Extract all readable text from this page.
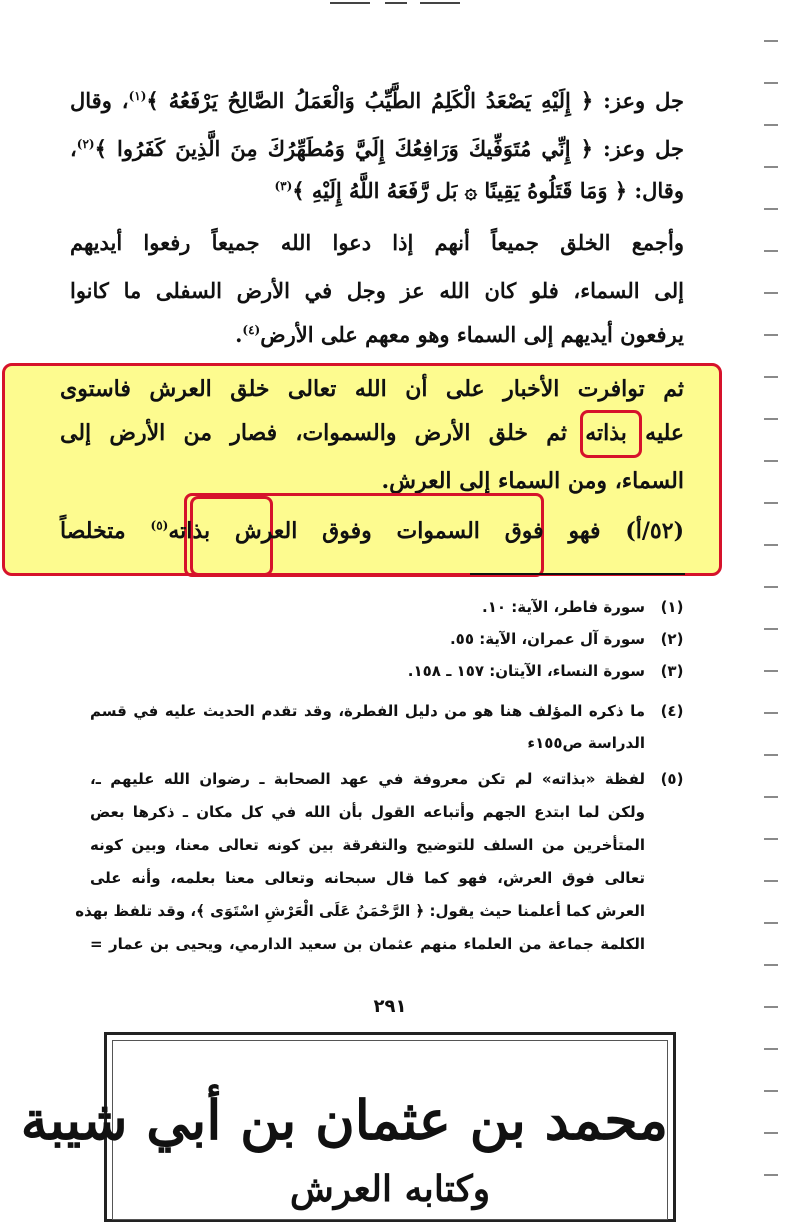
جل وعز: ﴿ إِلَيْهِ يَصْعَدُ الْكَلِمُ الطَّيِّبُ وَالْعَمَلُ الصَّالِحُ يَرْفَعُهُ ﴾$^{(١)}$، وقال
جل وعز: ﴿ إِنِّي مُتَوَفِّيكَ وَرَافِعُكَ إِلَيَّ وَمُطَهِّرُكَ مِنَ الَّذِينَ كَفَرُوا ﴾$^{(٢)}$،
وقال: ﴿ وَمَا قَتَلُوهُ يَقِينًا ۞ بَل رَّفَعَهُ اللَّهُ إِلَيْهِ ﴾$^{(٣)}$
وأجمع الخلق جميعاً أنهم إذا دعوا الله جميعاً رفعوا أيديهم
إلى السماء، فلو كان الله عز وجل في الأرض السفلى ما كانوا
يرفعون أيديهم إلى السماء وهو معهم على الأرض$^{(٤)}$.
ثم توافرت الأخبار على أن الله تعالى خلق العرش فاستوى
عليه بذاته ثم خلق الأرض والسموات، فصار من الأرض إلى
السماء، ومن السماء إلى العرش.
(٥٢/أ) فهو فوق السموات وفوق العرش بذاته$^{(٥)}$ متخلصاً
(١)
سورة فاطر، الآية: ١٠.
(٢)
سورة آل عمران، الآية: ٥٥.
(٣)
سورة النساء، الآيتان: ١٥٧ ـ ١٥٨.
(٤)
ما ذكره المؤلف هنا هو من دليل الفطرة، وقد تقدم الحديث عليه في قسم
الدراسة ص١٥٥ء
(٥)
لفظة «بذاته» لم تكن معروفة في عهد الصحابة ـ رضوان الله عليهم ـ،
ولكن لما ابتدع الجهم وأتباعه القول بأن الله في كل مكان ـ ذكرها بعض
المتأخرين من السلف للتوضيح والتفرقة بين كونه تعالى معنا، وبين كونه
تعالى فوق العرش، فهو كما قال سبحانه وتعالى معنا بعلمه، وأنه على
العرش كما أعلمنا حيث يقول: ﴿ الرَّحْمَنُ عَلَى الْعَرْشِ اسْتَوَى ﴾، وقد تلفظ بهذه
الكلمة جماعة من العلماء منهم عثمان بن سعيد الدارمي، ويحيى بن عمار =
٢٩١
محمد بن عثمان بن أبي شيبة
وكتابه العرش
